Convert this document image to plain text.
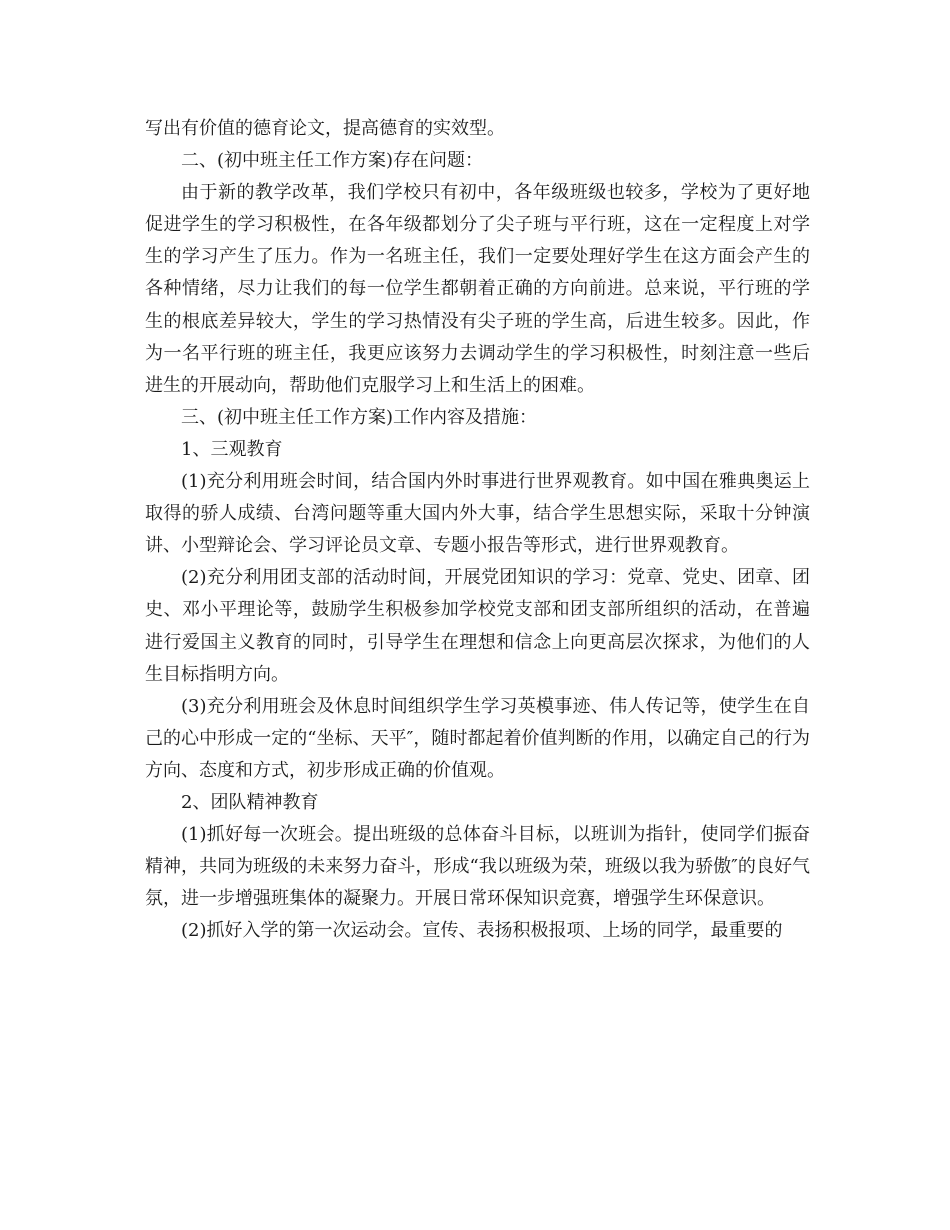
写出有价值的德育论文，提高德育的实效型。

二、(初中班主任工作方案)存在问题：

由于新的教学改革，我们学校只有初中，各年级班级也较多，学校为了更好地促进学生的学习积极性，在各年级都划分了尖子班与平行班，这在一定程度上对学生的学习产生了压力。作为一名班主任，我们一定要处理好学生在这方面会产生的各种情绪，尽力让我们的每一位学生都朝着正确的方向前进。总来说，平行班的学生的根底差异较大，学生的学习热情没有尖子班的学生高，后进生较多。因此，作为一名平行班的班主任，我更应该努力去调动学生的学习积极性，时刻注意一些后进生的开展动向，帮助他们克服学习上和生活上的困难。

三、(初中班主任工作方案)工作内容及措施：

1、三观教育

(1)充分利用班会时间，结合国内外时事进行世界观教育。如中国在雅典奥运上取得的骄人成绩、台湾问题等重大国内外大事，结合学生思想实际，采取十分钟演讲、小型辩论会、学习评论员文章、专题小报告等形式，进行世界观教育。

(2)充分利用团支部的活动时间，开展党团知识的学习：党章、党史、团章、团史、邓小平理论等，鼓励学生积极参加学校党支部和团支部所组织的活动，在普遍进行爱国主义教育的同时，引导学生在理想和信念上向更高层次探求，为他们的人生目标指明方向。

(3)充分利用班会及休息时间组织学生学习英模事迹、伟人传记等，使学生在自己的心中形成一定的“坐标、天平″，随时都起着价值判断的作用，以确定自己的行为方向、态度和方式，初步形成正确的价值观。

2、团队精神教育

(1)抓好每一次班会。提出班级的总体奋斗目标，以班训为指针，使同学们振奋精神，共同为班级的未来努力奋斗，形成“我以班级为荣，班级以我为骄傲″的良好气氛，进一步增强班集体的凝聚力。开展日常环保知识竞赛，增强学生环保意识。

(2)抓好入学的第一次运动会。宣传、表扬积极报项、上场的同学，最重要的
